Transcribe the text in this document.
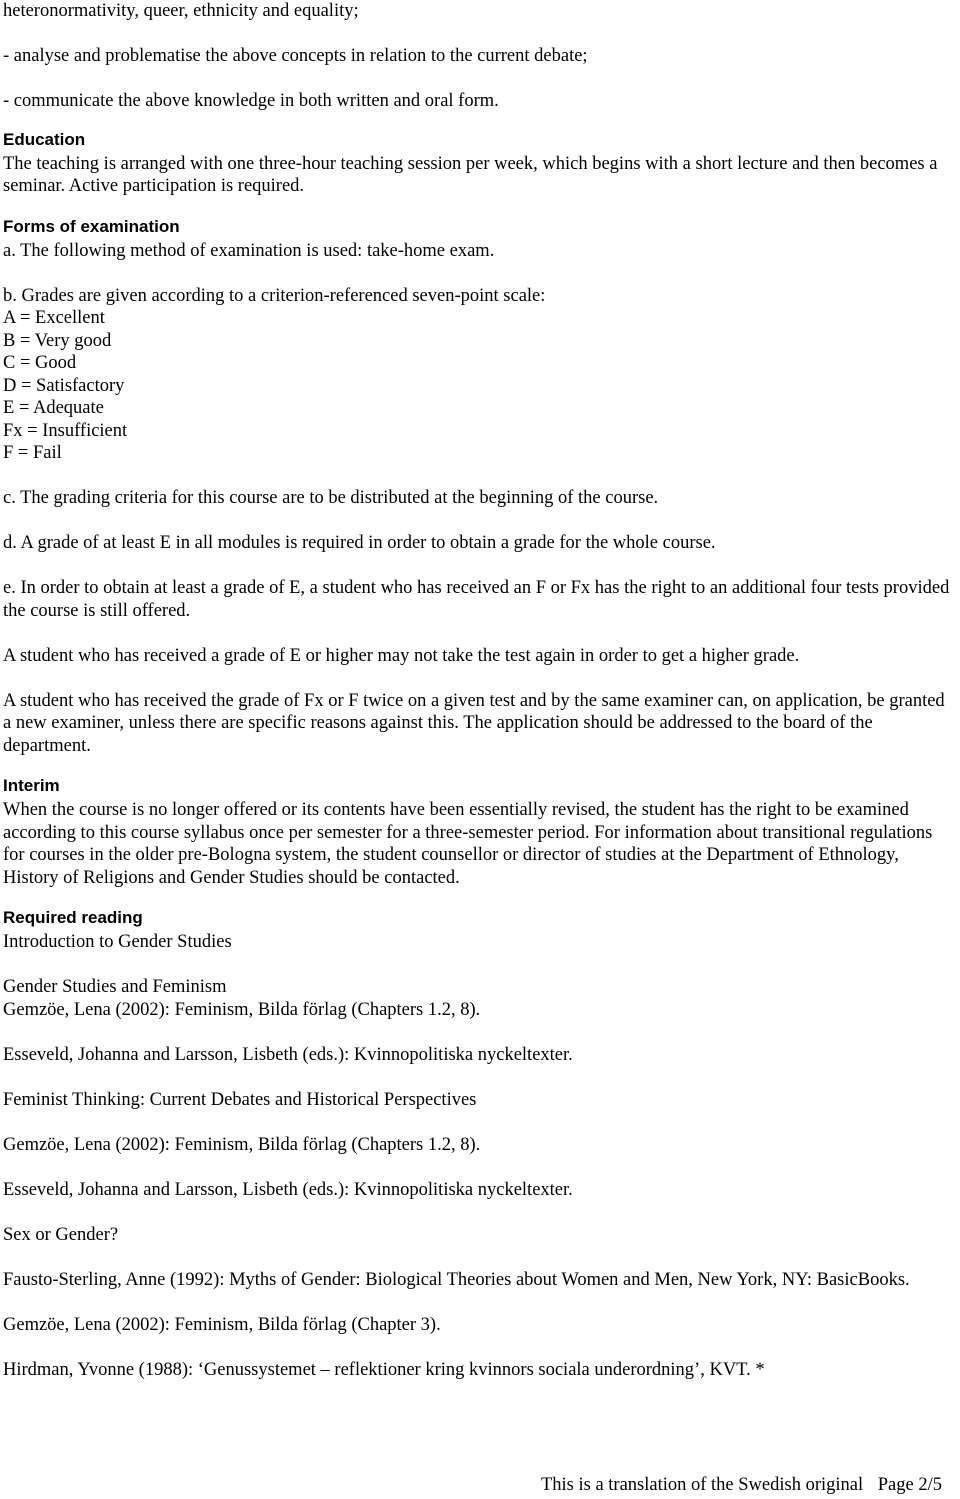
heteronormativity, queer, ethnicity and equality;

- analyse and problematise the above concepts in relation to the current debate;

- communicate the above knowledge in both written and oral form.

Education

The teaching is arranged with one three-hour teaching session per week, which begins with a short lecture and then becomes a seminar. Active participation is required.

Forms of examination

a. The following method of examination is used: take-home exam.

b. Grades are given according to a criterion-referenced seven-point scale:

A = Excellent
B = Very good
C = Good
D = Satisfactory
E = Adequate
Fx = Insufficient
F = Fail

c. The grading criteria for this course are to be distributed at the beginning of the course.

d. A grade of at least E in all modules is required in order to obtain a grade for the whole course.

e. In order to obtain at least a grade of E, a student who has received an F or Fx has the right to an additional four tests provided the course is still offered.

A student who has received a grade of E or higher may not take the test again in order to get a higher grade.

A student who has received the grade of Fx or F twice on a given test and by the same examiner can, on application, be granted a new examiner, unless there are specific reasons against this. The application should be addressed to the board of the department.

Interim

When the course is no longer offered or its contents have been essentially revised, the student has the right to be examined according to this course syllabus once per semester for a three-semester period. For information about transitional regulations for courses in the older pre-Bologna system, the student counsellor or director of studies at the Department of Ethnology, History of Religions and Gender Studies should be contacted.

Required reading

Introduction to Gender Studies

Gender Studies and Feminism

Gemzöe, Lena (2002): Feminism, Bilda förlag (Chapters 1.2, 8).

Esseveld, Johanna and Larsson, Lisbeth (eds.): Kvinnopolitiska nyckeltexter.

Feminist Thinking: Current Debates and Historical Perspectives

Gemzöe, Lena (2002): Feminism, Bilda förlag (Chapters 1.2, 8).

Esseveld, Johanna and Larsson, Lisbeth (eds.): Kvinnopolitiska nyckeltexter.

Sex or Gender?

Fausto-Sterling, Anne (1992): Myths of Gender: Biological Theories about Women and Men, New York, NY: BasicBooks.

Gemzöe, Lena (2002): Feminism, Bilda förlag (Chapter 3).

Hirdman, Yvonne (1988): ‘Genussystemet – reflektioner kring kvinnors sociala underordning’, KVT. *

This is a translation of the Swedish original Page 2/5
